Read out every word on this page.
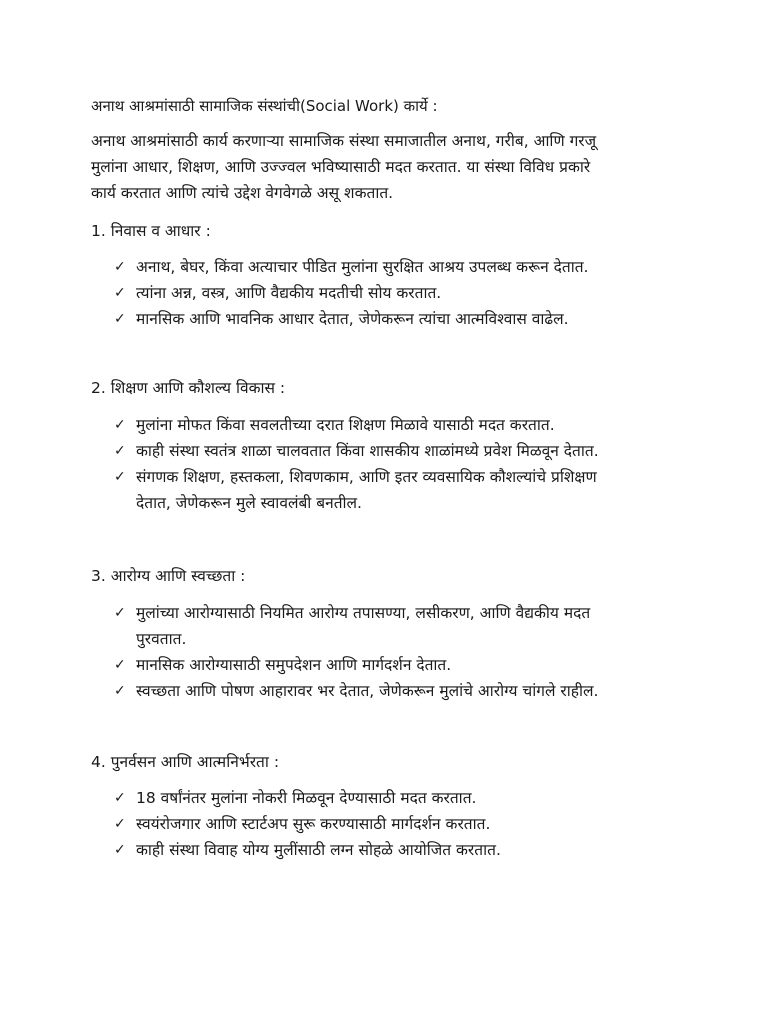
अनाथ आश्रमांसाठी सामाजिक संस्थांची(Social Work) कार्ये :
अनाथ आश्रमांसाठी कार्य करणाऱ्या सामाजिक संस्था समाजातील अनाथ, गरीब, आणि गरजू
मुलांना आधार, शिक्षण, आणि उज्ज्वल भविष्यासाठी मदत करतात. या संस्था विविध प्रकारे
कार्य करतात आणि त्यांचे उद्देश वेगवेगळे असू शकतात.
1. निवास व आधार :
✓ अनाथ, बेघर, किंवा अत्याचार पीडित मुलांना सुरक्षित आश्रय उपलब्ध करून देतात.
✓ त्यांना अन्न, वस्त्र, आणि वैद्यकीय मदतीची सोय करतात.
✓ मानसिक आणि भावनिक आधार देतात, जेणेकरून त्यांचा आत्मविश्वास वाढेल.
2. शिक्षण आणि कौशल्य विकास :
✓ मुलांना मोफत किंवा सवलतीच्या दरात शिक्षण मिळावे यासाठी मदत करतात.
✓ काही संस्था स्वतंत्र शाळा चालवतात किंवा शासकीय शाळांमध्ये प्रवेश मिळवून देतात.
✓ संगणक शिक्षण, हस्तकला, शिवणकाम, आणि इतर व्यवसायिक कौशल्यांचे प्रशिक्षण
देतात, जेणेकरून मुले स्वावलंबी बनतील.
3. आरोग्य आणि स्वच्छता :
✓ मुलांच्या आरोग्यासाठी नियमित आरोग्य तपासण्या, लसीकरण, आणि वैद्यकीय मदत
पुरवतात.
✓ मानसिक आरोग्यासाठी समुपदेशन आणि मार्गदर्शन देतात.
✓ स्वच्छता आणि पोषण आहारावर भर देतात, जेणेकरून मुलांचे आरोग्य चांगले राहील.
4. पुनर्वसन आणि आत्मनिर्भरता :
✓ 18 वर्षांनंतर मुलांना नोकरी मिळवून देण्यासाठी मदत करतात.
✓ स्वयंरोजगार आणि स्टार्टअप सुरू करण्यासाठी मार्गदर्शन करतात.
✓ काही संस्था विवाह योग्य मुलींसाठी लग्न सोहळे आयोजित करतात.
